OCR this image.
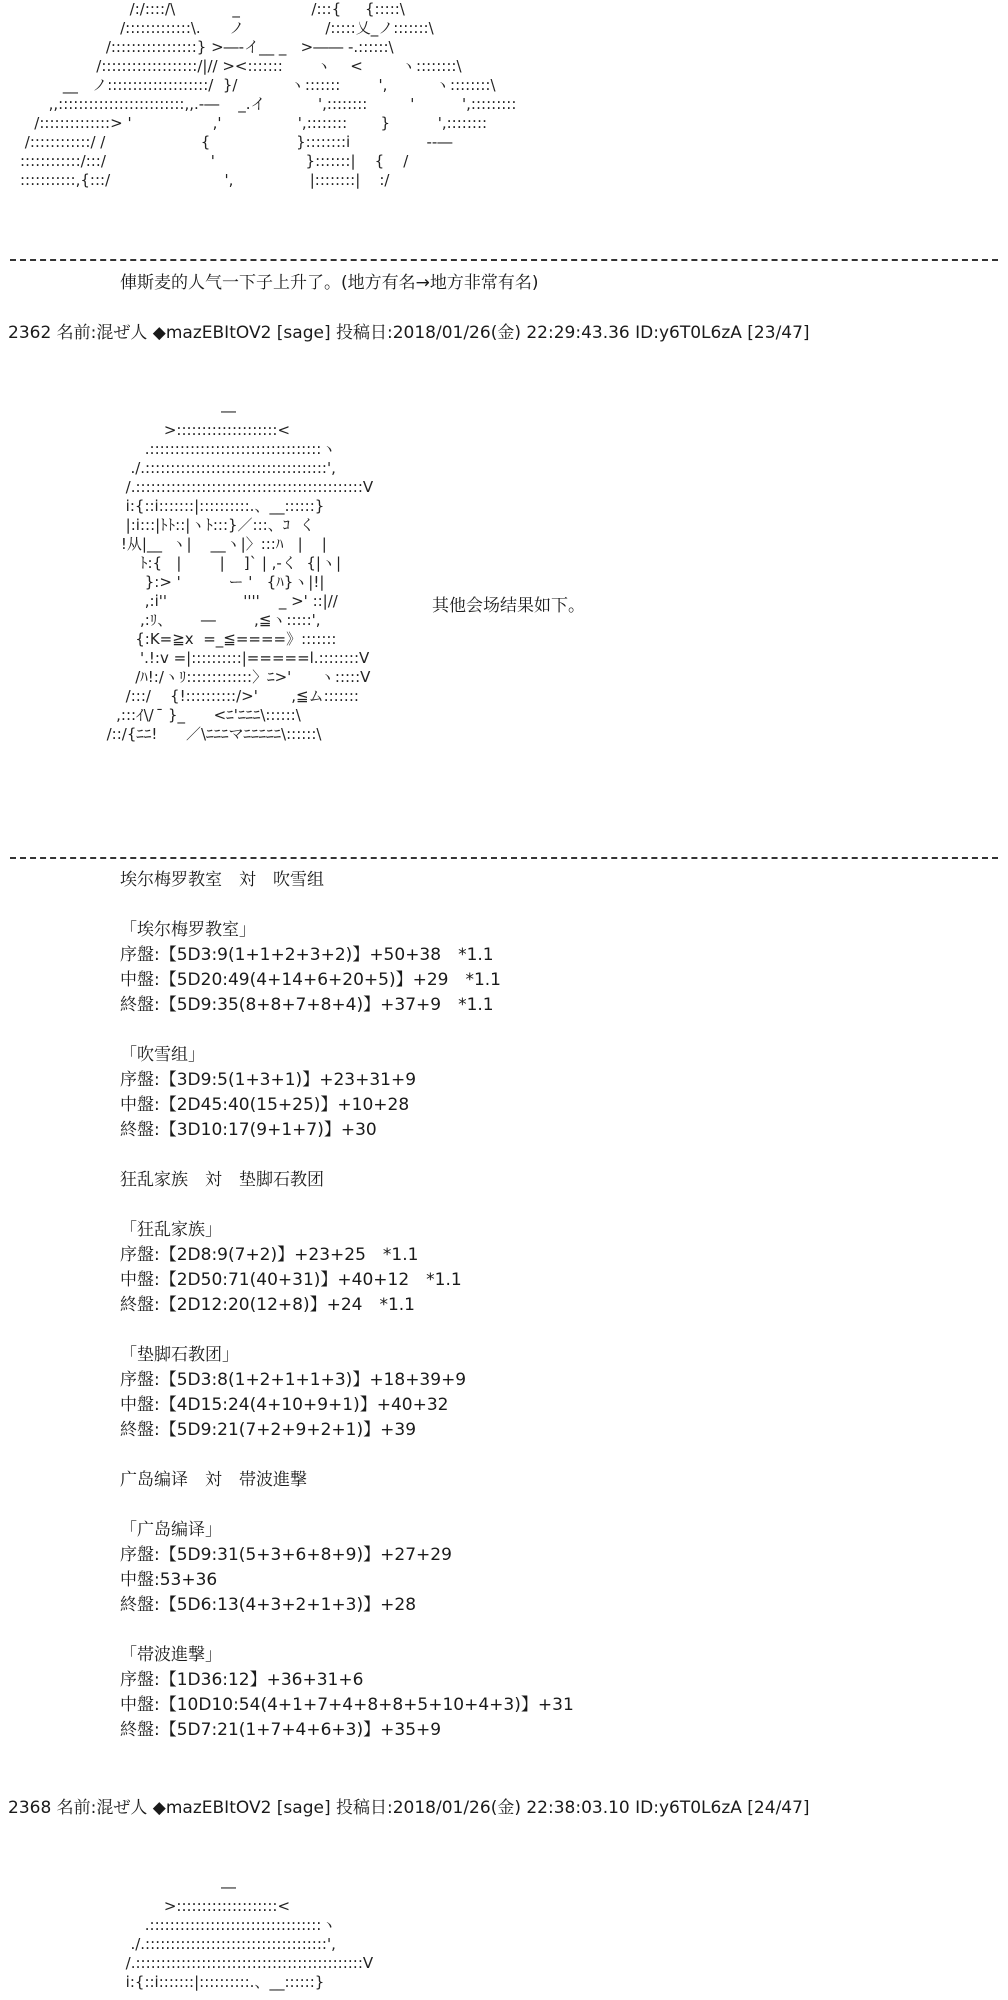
/:/::::/\            _               /:::{     {:::::\
/:::::::::::::\.      ノ                 /:::::乂_ノ:::::::\
/:::::::::::::::::} >―-イ__ _   >―― -.::::::\
/:::::::::::::::::::/|// ><:::::::       ヽ    <        ヽ::::::::\
__   ノ::::::::::::::::::::/  }/           ヽ:::::::        ',          ヽ::::::::\
,,:::::::::::::::::::::::::,,.-―    _.イ           ',::::::::         '          ',:::::::::
/::::::::::::::> '                 ,'                ',::::::::       }          ',::::::::
/::::::::::::/ /                    {                  }::::::::i                -‐―
::::::::::::/:::/                      '                   }:::::::|    {    /
:::::::::::,{:::/                        ',                |::::::::|    :/
俥斯麦的人气一下子上升了。(地方有名→地方非常有名)
2362 名前:混ぜ人 ◆mazEBItOV2 [sage] 投稿日:2018/01/26(金) 22:29:43.36 ID:y6T0L6zA [23/47]
―
>::::::::::::::::::::<
.::::::::::::::::::::::::::::::::::ヽ
./.::::::::::::::::::::::::::::::::::::',
/.:::::::::::::::::::::::::::::::::::::::::::::V
i:{::i:::::::|::::::::::.、__::::::}
|:i:::|ﾄﾄ::|ヽﾄ:::}／:::、ｺ  く
!从|__  ヽ|    __ヽ|〉:::ﾊ   |    |
ﾄ:{   |        |    ]` | ,-く  {|ヽ|
}:> '          ー '   {ﾊ}ヽ|!|
,:i''                ''''    _ >' ::|//
,:ﾘ、      ―        ,≦ヽ:::::',
{:K=≧x  =_≦====》:::::::
'.!:v =|::::::::::|=====l.::::::::V
/ﾊ!:/ヽﾘ:::::::::::::〉ﾆ>'      ヽ:::::V
/:::/    {!::::::::::/>'       ,≦ム:::::::
,:::ｲ\/  ̄ }_      <ﾆ'ﾆﾆﾆ\::::::\
/::/{ﾆﾆ!      ／\ﾆﾆﾆマﾆﾆﾆﾆﾆ\::::::\
其他会场结果如下。
埃尔梅罗教室　対　吹雪组
「埃尔梅罗教室」
序盤:【5D3:9(1+1+2+3+2)】+50+38　*1.1
中盤:【5D20:49(4+14+6+20+5)】+29　*1.1
終盤:【5D9:35(8+8+7+8+4)】+37+9　*1.1
「吹雪组」
序盤:【3D9:5(1+3+1)】+23+31+9
中盤:【2D45:40(15+25)】+10+28
終盤:【3D10:17(9+1+7)】+30
狂乱家族　対　垫脚石教团
「狂乱家族」
序盤:【2D8:9(7+2)】+23+25　*1.1
中盤:【2D50:71(40+31)】+40+12　*1.1
終盤:【2D12:20(12+8)】+24　*1.1
「垫脚石教团」
序盤:【5D3:8(1+2+1+1+3)】+18+39+9
中盤:【4D15:24(4+10+9+1)】+40+32
終盤:【5D9:21(7+2+9+2+1)】+39
广岛编译　対　帯波進撃
「广岛编译」
序盤:【5D9:31(5+3+6+8+9)】+27+29
中盤:53+36
終盤:【5D6:13(4+3+2+1+3)】+28
「帯波進撃」
序盤:【1D36:12】+36+31+6
中盤:【10D10:54(4+1+7+4+8+8+5+10+4+3)】+31
終盤:【5D7:21(1+7+4+6+3)】+35+9
2368 名前:混ぜ人 ◆mazEBItOV2 [sage] 投稿日:2018/01/26(金) 22:38:03.10 ID:y6T0L6zA [24/47]
―
>::::::::::::::::::::<
.::::::::::::::::::::::::::::::::::ヽ
./.::::::::::::::::::::::::::::::::::::',
/.:::::::::::::::::::::::::::::::::::::::::::::V
i:{::i:::::::|::::::::::.、__::::::}
